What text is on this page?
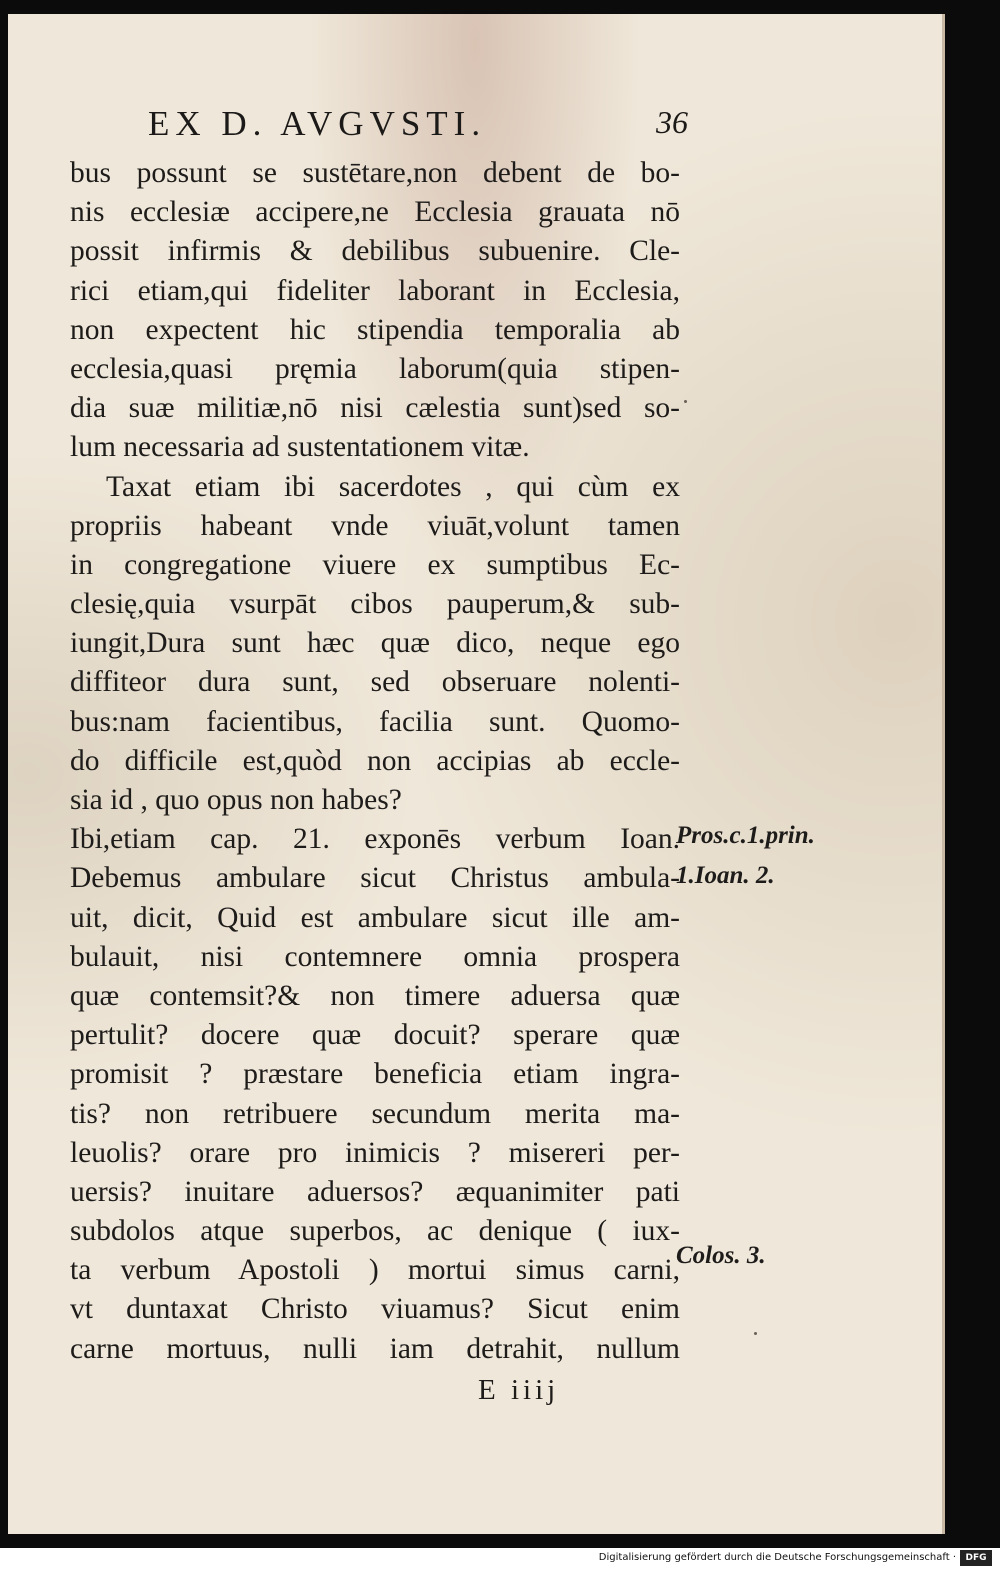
EX D. AVGVSTI.	36
bus possunt se sustētare,non debent de bo-
nis ecclesiæ accipere,ne Ecclesia grauata nō
possit infirmis & debilibus subuenire. Cle-
rici etiam,qui fideliter laborant in Ecclesia,
non expectent hic stipendia temporalia ab
ecclesia,quasi pręmia laborum(quia stipen-
dia suæ militiæ,nō nisi cælestia sunt)sed so-
lum necessaria ad sustentationem vitæ.
Taxat etiam ibi sacerdotes , qui cùm ex
propriis habeant vnde viuāt,volunt tamen
in congregatione viuere ex sumptibus Ec-
clesię,quia vsurpāt cibos pauperum,& sub-
iungit,Dura sunt hæc quæ dico, neque ego
diffiteor dura sunt, sed obseruare nolenti-
bus:nam facientibus, facilia sunt. Quomo-
do difficile est,quòd non accipias ab eccle-
sia id , quo opus non habes?
Ibi,etiam cap. 21. exponēs verbum Ioan.
Debemus ambulare sicut Christus ambula-
uit, dicit, Quid est ambulare sicut ille am-
bulauit, nisi contemnere omnia prospera
quæ contemsit?& non timere aduersa quæ
pertulit? docere quæ docuit? sperare quæ
promisit ? præstare beneficia etiam ingra-
tis? non retribuere secundum merita ma-
leuolis? orare pro inimicis ? misereri per-
uersis? inuitare aduersos? æquanimiter pati
subdolos atque superbos, ac denique ( iux-
ta verbum Apostoli ) mortui simus carni,
vt duntaxat Christo viuamus? Sicut enim
carne mortuus, nulli iam detrahit, nullum
Pros.c.1.prin.
1.Ioan. 2.
Colos. 3.
E iiij
Digitalisierung gefördert durch die Deutsche Forschungsgemeinschaft ·	DFG
